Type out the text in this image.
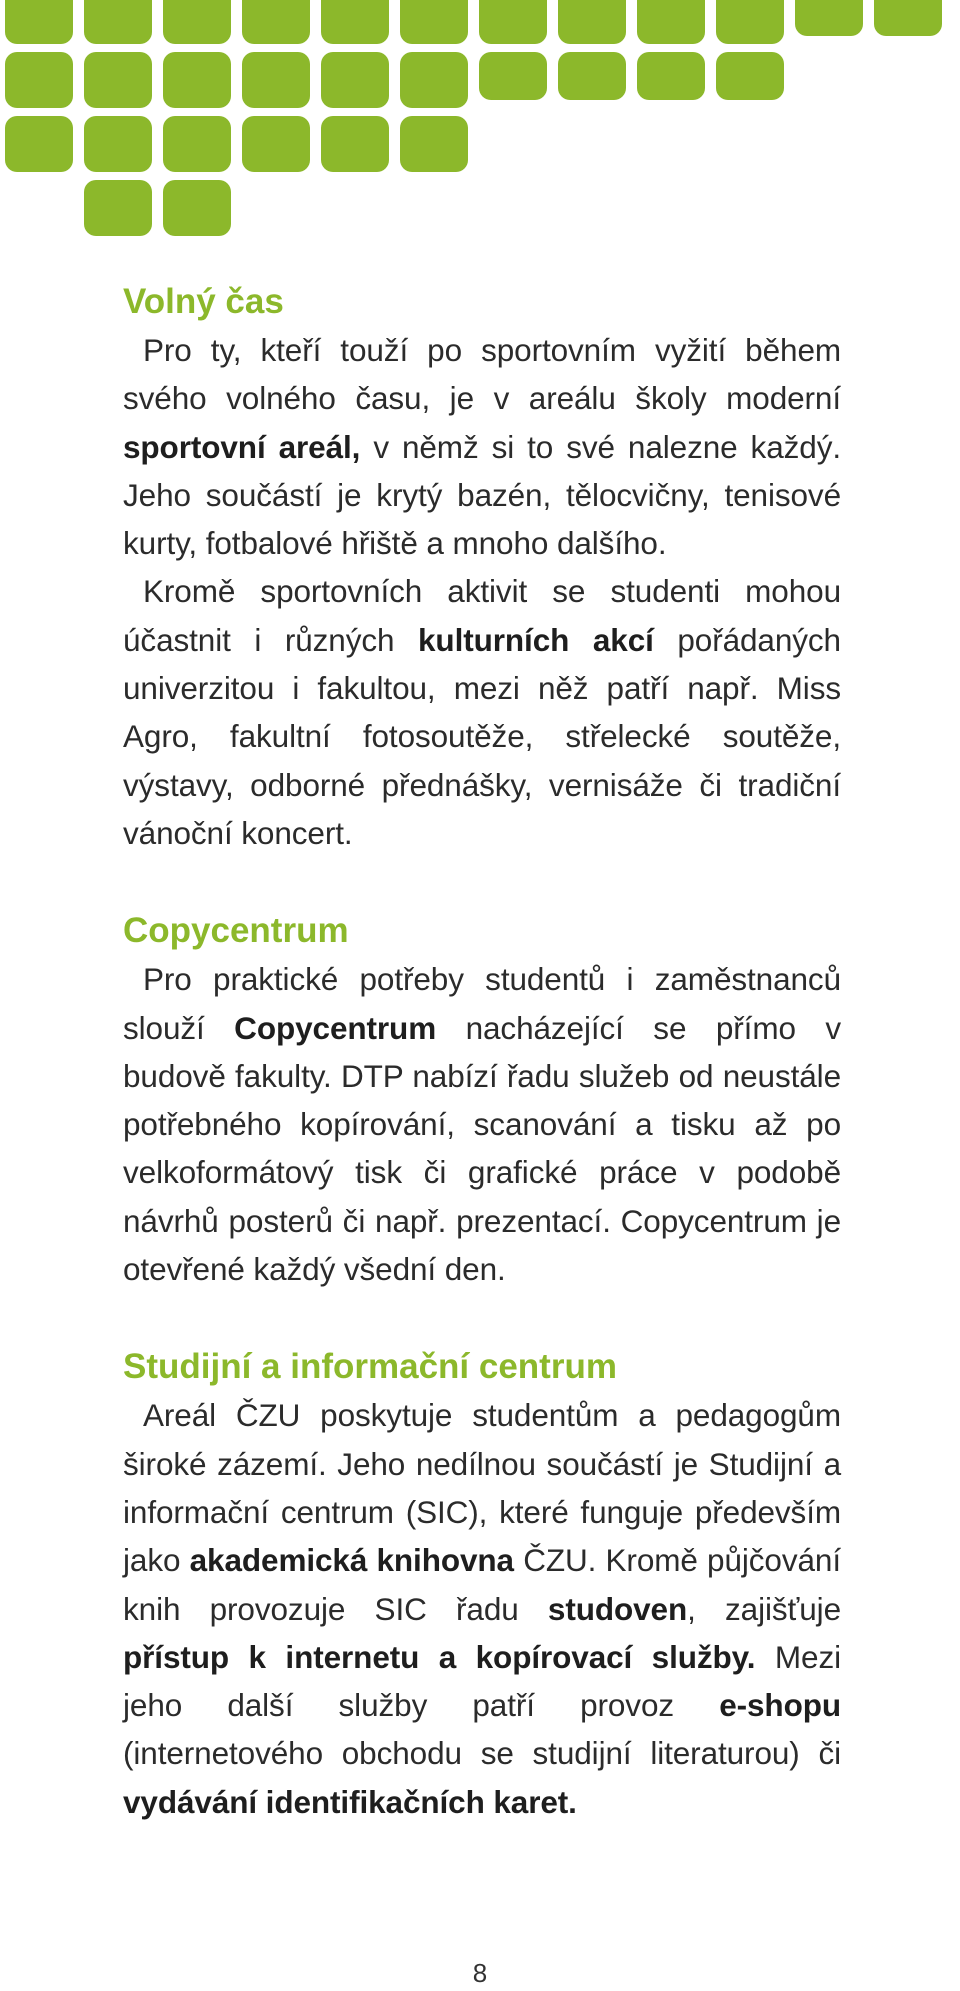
Volný čas

Pro ty, kteří touží po sportovním vyžití během svého volného času, je v areálu školy moderní sportovní areál, v němž si to své nalezne každý. Jeho součástí je krytý bazén, tělocvičny, tenisové kurty, fotbalové hřiště a mnoho dalšího.

Kromě sportovních aktivit se studenti mohou účastnit i různých kulturních akcí pořádaných univerzitou i fakultou, mezi něž patří např. Miss Agro, fakultní fotosoutěže, střelecké soutěže, výstavy, odborné přednášky, vernisáže či tradiční vánoční koncert.

Copycentrum

Pro praktické potřeby studentů i zaměstnanců slouží Copycentrum nacházející se přímo v budově fakulty. DTP nabízí řadu služeb od neustále potřebného kopírování, scanování a tisku až po velkoformátový tisk či grafické práce v podobě návrhů posterů či např. prezentací. Copycentrum je otevřené každý všední den.

Studijní a informační centrum

Areál ČZU poskytuje studentům a pedagogům široké zázemí. Jeho nedílnou součástí je Studijní a informační centrum (SIC), které funguje především jako akademická knihovna ČZU. Kromě půjčování knih provozuje SIC řadu studoven, zajišťuje přístup k internetu a kopírovací služby. Mezi jeho další služby patří provoz e-shopu (internetového obchodu se studijní literaturou) či vydávání identifikačních karet.

8
